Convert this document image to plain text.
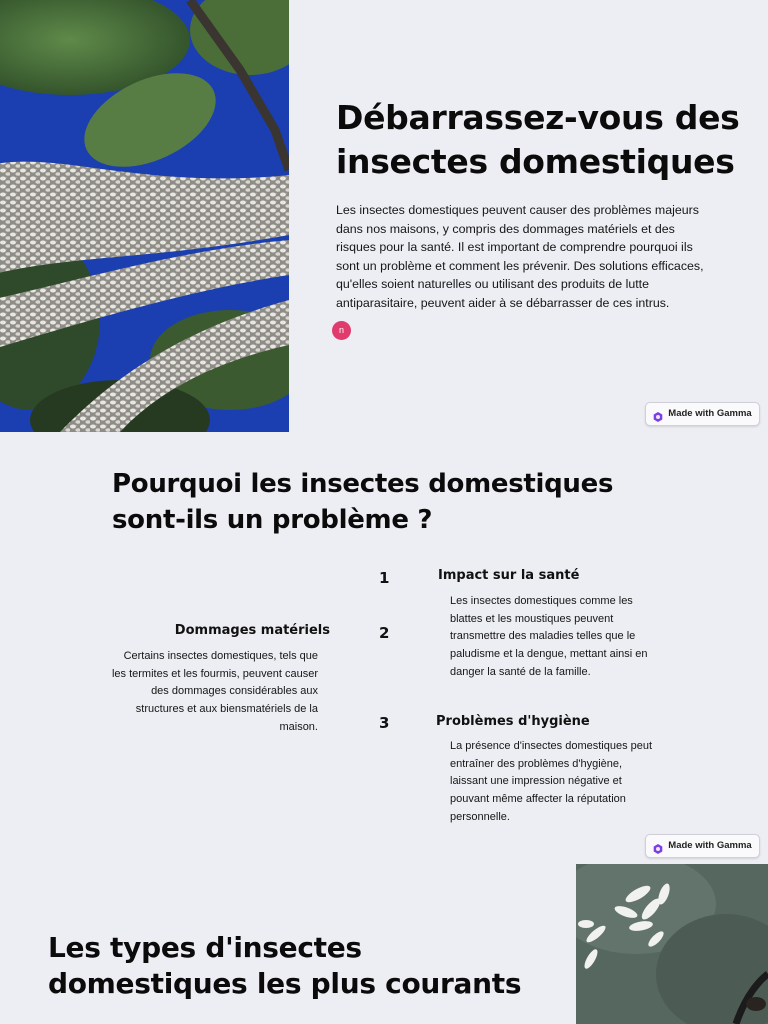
Débarrassez-vous des insectes domestiques

Les insectes domestiques peuvent causer des problèmes majeurs dans nos maisons, y compris des dommages matériels et des risques pour la santé. Il est important de comprendre pourquoi ils sont un problème et comment les prévenir. Des solutions efficaces, qu'elles soient naturelles ou utilisant des produits de lutte antiparasitaire, peuvent aider à se débarrasser de ces intrus.

n
Made with Gamma
Pourquoi les insectes domestiques sont-ils un problème ?
1	Impact sur la santé

Les insectes domestiques comme les blattes et les moustiques peuvent transmettre des maladies telles que le paludisme et la dengue, mettant ainsi en danger la santé de la famille.

2
Dommages matériels

Certains insectes domestiques, tels que les termites et les fourmis, peuvent causer des dommages considérables aux structures et aux biensmatériels de la maison.	3	Problèmes d'hygiène

La présence d'insectes domestiques peut entraîner des problèmes d'hygiène, laissant une impression négative et pouvant même affecter la réputation personnelle.

Made with Gamma
Les types d'insectes domestiques les plus courants
